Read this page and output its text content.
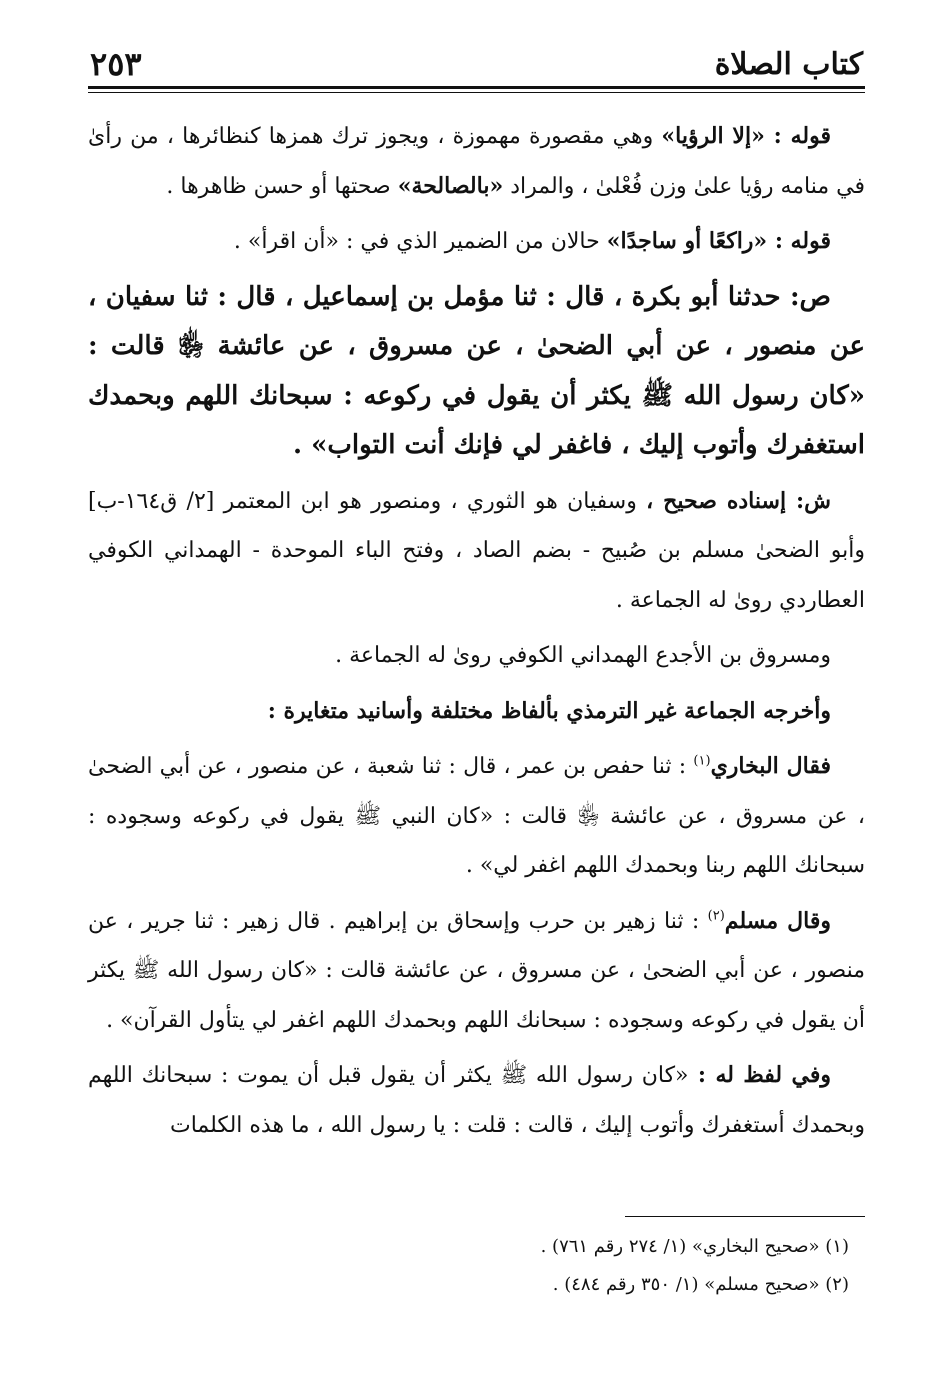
كتاب الصلاة
٢٥٣

قوله : «إلا الرؤيا» وهي مقصورة مهموزة ، ويجوز ترك همزها كنظائرها ، من رأىٰ في منامه رؤيا علىٰ وزن فُعْلىٰ ، والمراد «بالصالحة» صحتها أو حسن ظاهرها .

قوله : «راكعًا أو ساجدًا» حالان من الضمير الذي في : «أن اقرأ» .

ص: حدثنا أبو بكرة ، قال : ثنا مؤمل بن إسماعيل ، قال : ثنا سفيان ، عن منصور ، عن أبي الضحىٰ ، عن مسروق ، عن عائشة ﵂ قالت : «كان رسول الله ﷺ يكثر أن يقول في ركوعه : سبحانك اللهم وبحمدك استغفرك وأتوب إليك ، فاغفر لي فإنك أنت التواب» .

ش: إسناده صحيح ، وسفيان هو الثوري ، ومنصور هو ابن المعتمر [٢/ ق١٦٤-ب] وأبو الضحىٰ مسلم بن صُبيح - بضم الصاد ، وفتح الباء الموحدة - الهمداني الكوفي العطاردي روىٰ له الجماعة .

ومسروق بن الأجدع الهمداني الكوفي روىٰ له الجماعة .

وأخرجه الجماعة غير الترمذي بألفاظ مختلفة وأسانيد متغايرة :

فقال البخاري$^{(١)}$ : ثنا حفص بن عمر ، قال : ثنا شعبة ، عن منصور ، عن أبي الضحىٰ ، عن مسروق ، عن عائشة ﵂ قالت : «كان النبي ﷺ يقول في ركوعه وسجوده : سبحانك اللهم ربنا وبحمدك اللهم اغفر لي» .

وقال مسلم$^{(٢)}$ : ثنا زهير بن حرب وإسحاق بن إبراهيم . قال زهير : ثنا جرير ، عن منصور ، عن أبي الضحىٰ ، عن مسروق ، عن عائشة قالت : «كان رسول الله ﷺ يكثر أن يقول في ركوعه وسجوده : سبحانك اللهم وبحمدك اللهم اغفر لي يتأول القرآن» .

وفي لفظ له : «كان رسول الله ﷺ يكثر أن يقول قبل أن يموت : سبحانك اللهم وبحمدك أستغفرك وأتوب إليك ، قالت : قلت : يا رسول الله ، ما هذه الكلمات

(١) «صحيح البخاري» (١/ ٢٧٤ رقم ٧٦١) .
(٢) «صحيح مسلم» (١/ ٣٥٠ رقم ٤٨٤) .
